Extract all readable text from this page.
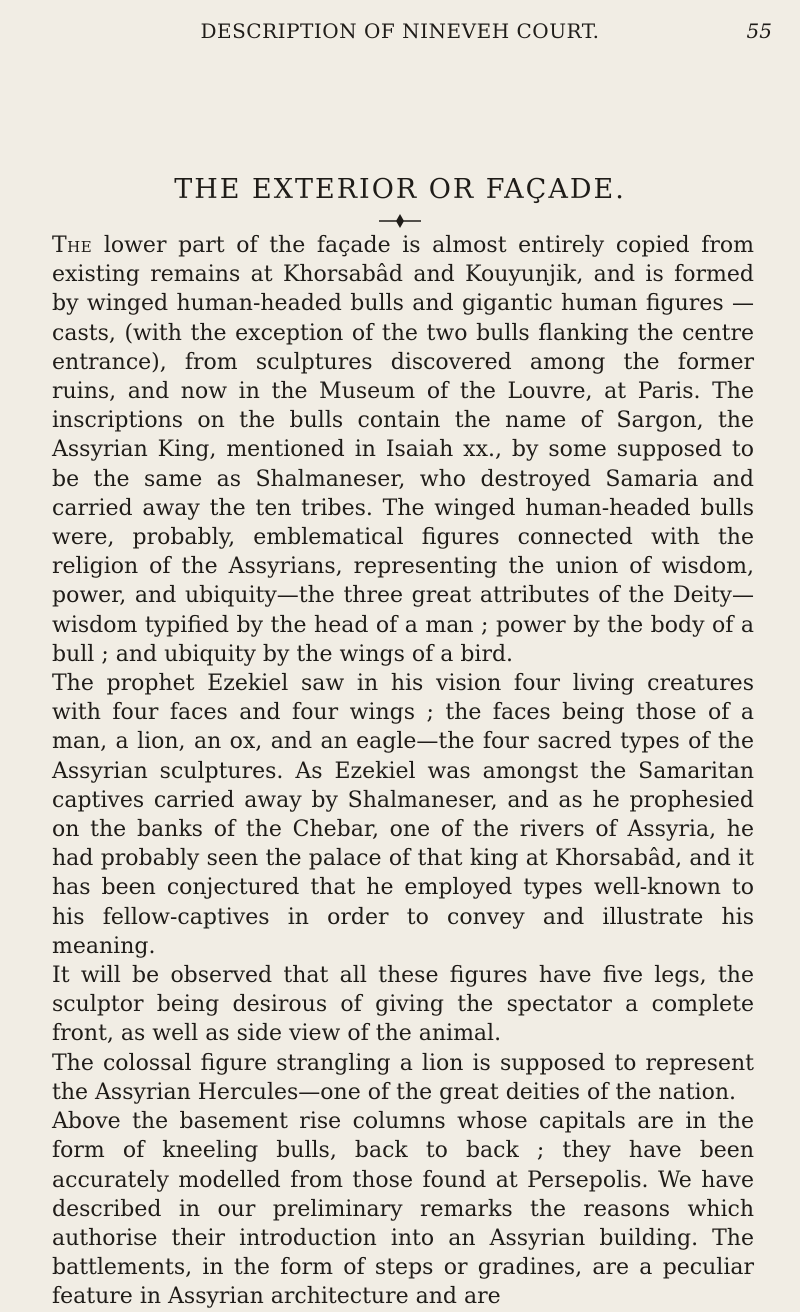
DESCRIPTION OF NINEVEH COURT.	55
THE EXTERIOR OR FAÇADE.

The lower part of the façade is almost entirely copied from existing remains at Khorsabâd and Kouyunjik, and is formed by winged human-headed bulls and gigantic human figures — casts, (with the exception of the two bulls flanking the centre entrance), from sculptures discovered among the former ruins, and now in the Museum of the Louvre, at Paris. The inscriptions on the bulls contain the name of Sargon, the Assyrian King, mentioned in Isaiah xx., by some supposed to be the same as Shalmaneser, who destroyed Samaria and carried away the ten tribes. The winged human-headed bulls were, probably, emblematical figures connected with the religion of the Assyrians, representing the union of wisdom, power, and ubiquity—the three great attributes of the Deity—wisdom typified by the head of a man ; power by the body of a bull ; and ubiquity by the wings of a bird.

The prophet Ezekiel saw in his vision four living creatures with four faces and four wings ; the faces being those of a man, a lion, an ox, and an eagle—the four sacred types of the Assyrian sculptures. As Ezekiel was amongst the Samaritan captives carried away by Shalmaneser, and as he prophesied on the banks of the Chebar, one of the rivers of Assyria, he had probably seen the palace of that king at Khorsabâd, and it has been conjectured that he employed types well-known to his fellow-captives in order to convey and illustrate his meaning.

It will be observed that all these figures have five legs, the sculptor being desirous of giving the spectator a complete front, as well as side view of the animal.

The colossal figure strangling a lion is supposed to represent the Assyrian Hercules—one of the great deities of the nation.

Above the basement rise columns whose capitals are in the form of kneeling bulls, back to back ; they have been accurately modelled from those found at Persepolis. We have described in our preliminary remarks the reasons which authorise their introduction into an Assyrian building. The battlements, in the form of steps or gradines, are a peculiar feature in Assyrian architecture and are
